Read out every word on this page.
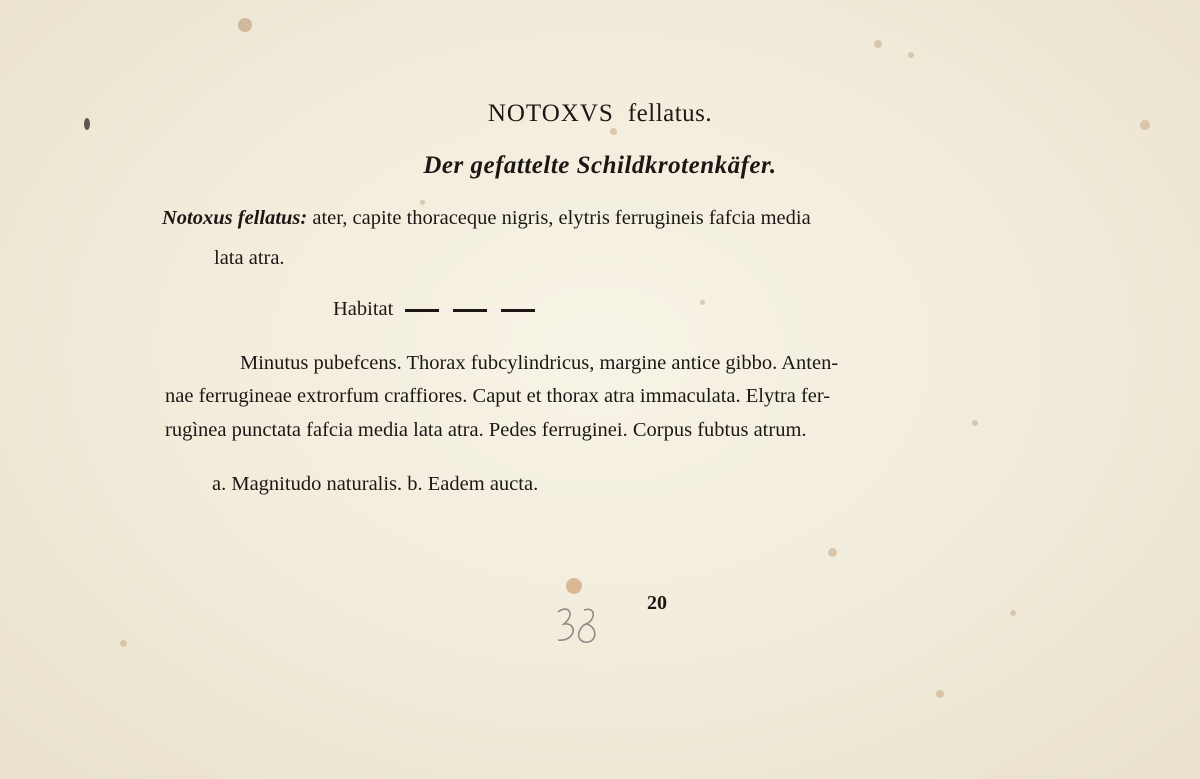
NOTOXVS fellatus.
Der gefattelte Schildkrotenkäfer.
Notoxus fellatus: ater, capite thoraceque nigris, elytris ferrugineis fafcia media
lata atra.
Habitat
Minutus pubefcens. Thorax fubcylindricus, margine antice gibbo. Anten-
nae ferrugineae extrorfum craffiores. Caput et thorax atra immaculata. Elytra fer-
rugìnea punctata fafcia media lata atra. Pedes ferruginei. Corpus fubtus atrum.
a. Magnitudo naturalis. b. Eadem aucta.
20
